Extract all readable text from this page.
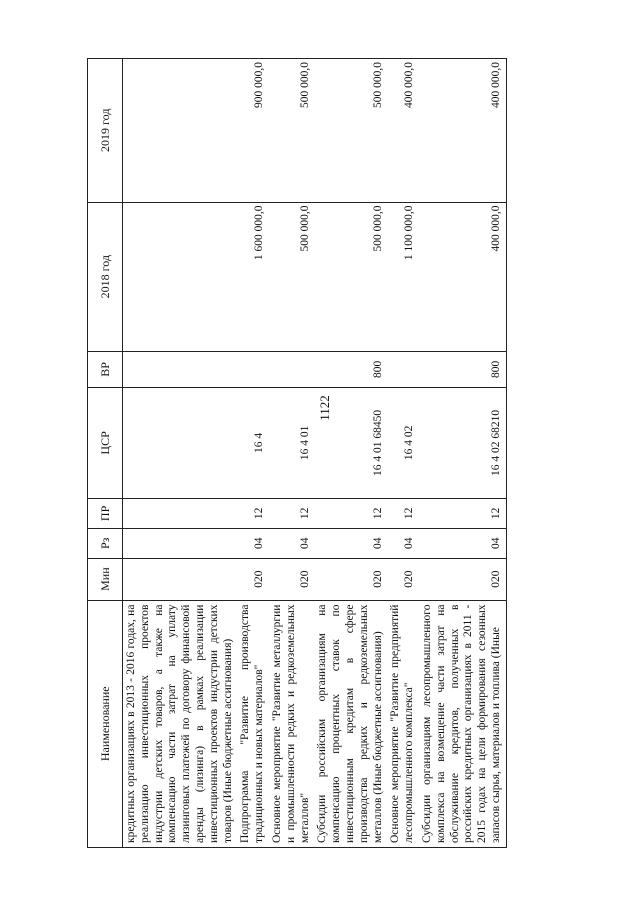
1122
Наименование	Мин	Рз	ПР	ЦСР	ВР	2018 год	2019 год
кредитных организациях в 2013 - 2016 годах, на реализацию инвестиционных проектов индустрии детских товаров, а также на компенсацию части затрат на уплату лизинговых платежей по договору финансовой аренды (лизинга) в рамках реализации инвестиционных проектов индустрии детских товаров (Иные бюджетные ассигнования)							
Подпрограмма "Развитие производства традиционных и новых материалов"	020	04	12	16 4		1 600 000,0	900 000,0
Основное мероприятие "Развитие металлургии и промышленности редких и редкоземельных металлов"	020	04	12	16 4 01		500 000,0	500 000,0
Субсидии российским организациям на компенсацию процентных ставок по инвестиционным кредитам в сфере производства редких и редкоземельных металлов (Иные бюджетные ассигнования)	020	04	12	16 4 01 68450	800	500 000,0	500 000,0
Основное мероприятие "Развитие предприятий лесопромышленного комплекса"	020	04	12	16 4 02		1 100 000,0	400 000,0
Субсидии организациям лесопромышленного комплекса на возмещение части затрат на обслуживание кредитов, полученных в российских кредитных организациях в 2011 - 2015 годах на цели формирования сезонных запасов сырья, материалов и топлива (Иные	020	04	12	16 4 02 68210	800	400 000,0	400 000,0
